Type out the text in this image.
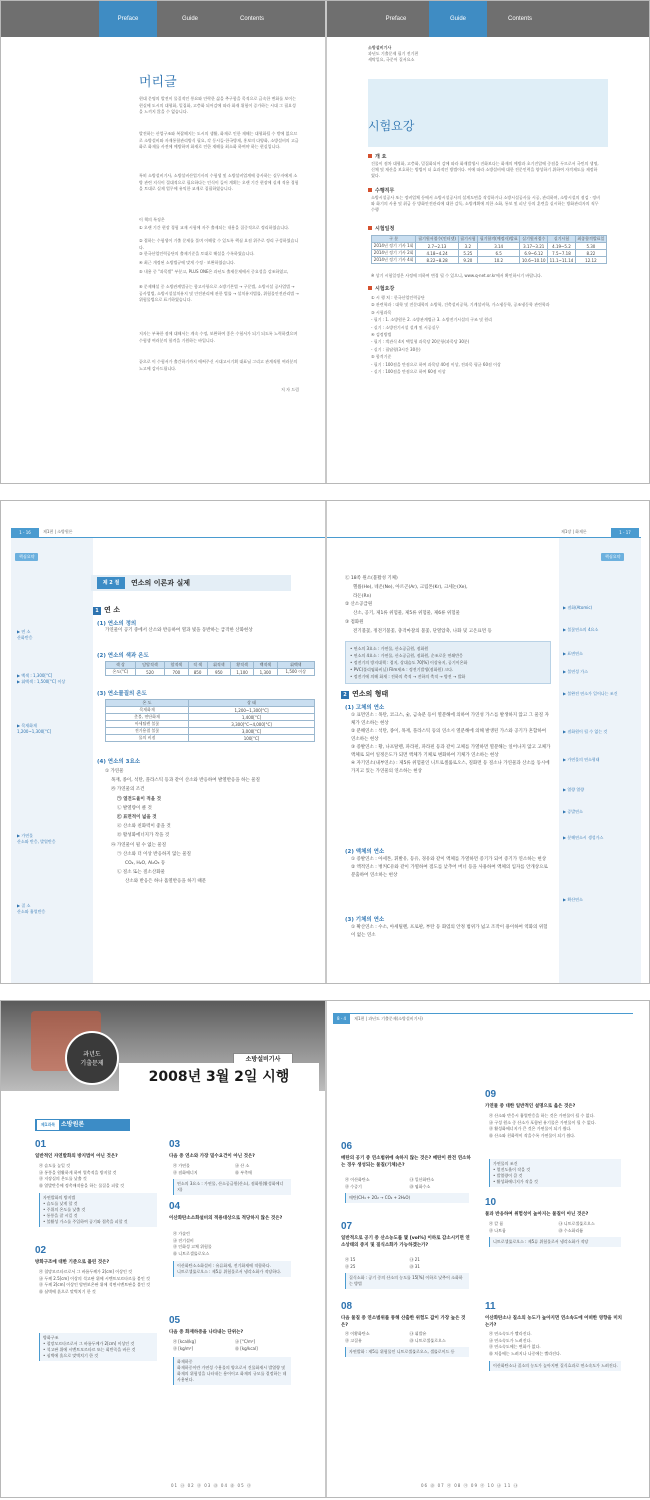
Preface	Guide	Contents	Preface	Guide	Contents
머리글
현대 문명의 발전이 물질적인 풍요와 안락한 삶을 추구함을 목적으로 급속한 변화를 보이는 현실에 도시의 대형화, 밀집화, 고층화 되어감에 따라 화재 위험이 증가하는 시대 그 필요성을 느끼지 않을 수 없습니다.
발전하는 산업구조와 복잡해지는 도시의 생활, 화재로 인한 재해는 대형화될 수 밖에 없으므로 소방설비와 자재통합관리방식 필요, 각 동시들-한국방재, 홍보의 다양화, 소방설비의 고급화로 화재를 사전에 예방하며 화재로 인한 재해를 최소화 하여야 하는 현실입니다.
특히 소방설비기사, 소방설비산업기사의 수험생 및 소방설비업계에 종사하는 실무자에게 소방 관련 지식이 절대적으로 필요하다는 인식이 들어 계획는 오랜 기간 현장에 실제 적용 경험을 토대로 실제 업무에 유익한 교재로 집필하였습니다.
이 책의 특징은
① 오랜 기간 현장 경험 교재 시험에 자주 출제되는 내용을 집중적으로 정리하였습니다.
② 접하는 수험생이 기출 문제를 풀며 이해할 수 있도록 핵심 요점 위주로 정리 구성하였습니다.
③ 한국산업인력공단의 출제기준을 토대로 해설을 수록하였습니다.
④ 최근 개정된 소방법규에 맞게 수정 · 보완하였습니다.
⑤ 내용 중 "과목별" 부분고, PLUS ONE은 과년도 출제문제에서 중요성을 강조하였고,
⑥ 문제해설 중 소방관계법규는 함고사항으로 소방기본법 → 구문법, 소방시설 공사업법 → 공사업법, 소방시설설치유지 및 안전관리에 관한 법률 → 설치유지법률, 위험물안전관리법 → 위험물법으로 표기하였습니다.
저자는 부족한 점에 대해서는 계속 수정, 보완하여 좋은 수험서가 되기 되도록 노력하겠으며 수험생 여러분의 합격을 기원하는 바입니다.
끝으로 이 수험서가 출간하기까지 애써주신 시대고시기획 대표님 그리고 관계직원 여러분의 노고에 감사드립니다.
저 자 드림
소방설비기사
과년도 기출문제 필기 전기편
세탁일요, 국문어 질서요소
시험요강
개 요
건물이 점차 대형화, 고층화, 밀집화되어 감에 따라 화재발생시 진화보다는 화재의 예방과 초기진압에 중점을 두므로서 국민의 생명, 신체 및 재산을 보호하는 방법이 더 효과적인 방법이다. 이에 따라 소방설비에 대한 전문인력을 양성하기 위하여 자격제도를 제정하였다.
수행직무
소방시설공사 또는 정비업체 등에서 소방시설공사의 설계도면을 작성하거나 소방시설공사를 시공, 관리하며, 소방시설의 점검 · 정비와 화기의 사용 및 취급 등 방화안전관리에 대한 감독, 소방계획에 의한 소화, 통보 및 피난 등의 훈련을 실시하는 방화관리자의 직무수행
시험일정
구 분	필기원서접수(인터넷)	필기시험	필기합격(예정자)발표	실기원서접수	실기시험	최종합격발표일
2014년 정기 기사 1회	2.7~2.13	3.2	3.14	3.17~3.21	4.19~5.2	5.30
2014년 정기 기사 2회	4.18~4.24	5.25	6.5	6.9~6.12	7.5~7.18	8.22
2014년 정기 기사 4회	8.22~8.28	9.20	10.2	10.6~10.10	11.1~11.14	12.12
※ 상기 시험일정은 사정에 의하여 변경 될 수 있으니, www.q-net.or.kr에서 확인하시기 바랍니다.
시험요강
① 시 행 처 : 한국산업인력공단
② 관련학과 : 대학 및 전문대학의 소방학, 건축설비공학, 기계설비학, 가스냉동학, 공조냉동학 관련학과
③ 시험과목
- 필기 : 1. 소방원론 2. 소방관계법규 3. 소방전기시설의 구조 및 원리
- 실기 : 소방전기시설 설계 및 시공실무
④ 검정방법
- 필기 : 객관식 4지 택일형 과목당 20문항(과목당 30분)
- 실기 : 필답형(3시간 30분)
⑤ 합격기준
- 필기 : 100점을 만점으로 하여 과목당 40점 이상, 전과목 평균 60점 이상
- 실기 : 100점을 만점으로 하여 60점 이상
1 - 16	제1편 | 소방원론	1 - 17
제1장 | 화재론
핵심요약
▶ 연 소
산화반응
▶ 백색 : 1,300[°C]
▶ 휘백색 : 1,500[°C] 이상
▶ 목재화재
1,200~1,300[°C]
▶ 가연물
산소와 반응, 발열반응
▶ 질 소
산소와 흡열반응
제 2 절	연소의 이론과 실제
1 연 소
(1) 연소의 정의
가연물이 공기 중에서 산소와 반응하여 열과 빛을 동반하는 급격한 산화현상
(2) 연소의 색과 온도
색 상	담암적색	암적색	적 색	휘적색	황적색	백적색	휘백색
온도(°C)	520	700	850	950	1,100	1,300	1,500 이상
(3) 연소물질의 온도
온 도	상 태
목재화재	1,200~1,300[°C]
촛불, 연단화재	1,400[°C]
아세틸렌 불꽃	3,300[°C~4,000[°C]
전기용접 불꽃	3,000[°C]
물의 비점	100[°C]
(4) 연소의 3요소
① 가연물
목재, 종이, 석탄, 플라스틱 등과 같이 산소와 반응하여 발열반응을 하는 물질
㉮ 가연물의 조건
㉠ 열전도율이 적을 것
㉡ 발열량이 클 것
㉢ 표면적이 넓을 것
㉣ 산소와 친화력이 좋을 것
㉤ 활성화에너지가 작을 것
㉯ 가연물이 될 수 없는 물질
㉠ 산소와 더 이상 반응하지 않는 물질
CO₂, H₂O, Al₂O₃ 등
㉡ 질소 또는 질소산화물
산소와 반응은 하나 흡열반응을 하기 때문
핵심요약
▶ 점화(Atomic)
▶ 불꽃연소의 4요소
▶ 표면연소
▶ 불연성 가스
▶ 불완전 연소가 일어나는 조건
▶ 점화원이 될 수 없는 것
▶ 가연물의 연소형태
▶ 열량 열량
▶ 증발연소
▶ 분해연소시 생성가스
▶ 확산연소
㉢ 18족 원소(불활성 기체)
헬륨(He), 네온(Ne), 아르곤(Ar), 크립톤(Kr), 크세논(Xe),
라돈(Rn)
② 산소공급원
산소, 공기, 제1류 위험물, 제5류 위험물, 제6류 위험물
③ 점화원
전기불꽃, 정전기불꽃, 충격마찰의 불꽃, 단열압축, 나화 및 고온표면 등
• 연소의 3요소 : 가연물, 산소공급원, 점화원
• 연소의 4요소 : 가연물, 산소공급원, 점화원, 순조로운 연쇄반응
• 정전기의 방지대책 : 접지, 상대습도 70[%] 이상유지, 공기이온화
• PVC(폴리염화비닐) Film제조 : 정전기발생(점화원) 크다.
• 정전기에 의해 화재 : 전하의 축적 → 전하의 축적 → 방전 → 발화
2 연소의 형태
(1) 고체의 연소
① 표면연소 : 목탄, 코크스, 숯, 금속분 등이 열분해에 의하여 가연성 가스를 발생하지 않고 그 물질 자체가 연소하는 현상
② 분해연소 : 석탄, 종이, 목재, 플라스틱 등의 연소시 열분해에 의해 발생된 가스와 공기가 혼합하여 연소하는 현상
③ 증발연소 : 황, 나프탈렌, 파라핀, 파라핀 등과 같이 고체를 가열하면 열분해는 일어나지 않고 고체가 액체로 되어 일정온도가 되면 액체가 기체로 변화하여 기체가 연소하는 현상
④ 자기연소(내부연소) : 제5류 위험물인 니트로셀룰로오스, 질화면 등 질소나 가연물과 산소를 동시에 가지고 있는 가연물의 연소하는 현상
(2) 액체의 연소
① 증발연소 : 아세톤, 휘발유, 등유, 경유와 같이 액체를 가열하면 증기가 되어 증기가 연소하는 현상
② 액적연소 : 벙커C유와 같이 가열하여 점도를 낮추어 버너 등을 사용하여 액체의 입자를 안개상으로 분출하여 연소하는 현상
(3) 기체의 연소
① 확산연소 : 수소, 아세틸렌, 프로판, 부탄 등 화염의 안정 범위가 넓고 조작이 용이하여 역화의 위험이 없는 연소
과년도
기출문제
소방설비기사
2008년 3월 2일 시행
제1과목 소방원론
01
일반적인 자연발화의 방지법이 아닌 것은?
㉮ 습도를 높일 것
㉯ 통풍을 원활하게 하여 열축적을 방지할 것
㉰ 저장실의 온도를 낮출 것
㉱ 열발반응에 정촉매작용을 하는 물질을 피할 것
자연발화의 방지법
• 습도를 낮게 할 것
• 주위의 온도를 낮출 것
• 통풍을 잘 시킬 것
• 불활성 가스를 주입하여 공기와 접촉을 피할 것
02
방화구조에 대한 기준으로 틀린 것은?
㉮ 철망모르타르로서 그 바름두께가 2[cm] 이상인 것
㉯ 두께 2.5[cm] 이상의 석고판 위에 시멘트모르타르를 붙인 것
㉰ 두께 2[cm] 이상인 암면보온판 위에 석면시멘트판을 붙인 것
㉱ 심벽에 흙으로 맞벽치기 한 것
방화구조
• 철망모르타르로서 그 바름두께가 2[cm] 이상인 것
• 석고판 위에 시멘트모르타르 또는 회반죽을 바른 것
• 심벽에 흙으로 맞벽치기 한 것
03
다음 중 연소와 가장 밀수요건이 아닌 것은?
㉮ 가연물
㉰ 점화에너지
㉯ 산 소
㉱ 부촉매
연소의 3요소 : 가연물, 산소공급원(산소), 점화원(활성화에너지)
04
이산화탄소소화설비의 적용대상으로 적당하지 않은 것은?
㉮ 가솔린
㉯ 전기설비
㉰ 인화성 고체 위험물
㉱ 니트로셀룰로오스
이산화탄소소화설비 : 유류화재, 전기화재에 적합하다.
니트로셀룰로오스 : 제5류 위험물로서 냉각소화가 적당하다.
05
다음 중 화재하중을 나타내는 단위는?
㉮ [kcal/kg]
㉰ [kg/m²]
㉯ [°C/m²]
㉱ [kg/kcal]
화재하중
화재하중이란 가연성 수용물의 양으로서 건물화재시 발열량 및 화재의 위험성을 나타내는 용어이고 화재의 규모를 결정하는 데 사용된다.
01 ㉯ 02 ㉰ 03 ㉱ 04 ㉱ 05 ㉰
8 - 4 제1편 | 과년도 기출문제(소방설비기사)
06
메탄의 공기 중 연소범위에 속하지 않는 것은? 메탄이 완전 연소하는 경우 생성되는 물질(기체)은?
㉮ 이산화탄소
㉰ 수증기
㉯ 일산화탄소
㉱ 염화수소
메탄(CH₄ + 2O₂ → CO₂ + 2H₂O)
07
일반적으로 공기 중 산소농도를 몇 [vol%] 이하로 감소시키면 연소상태의 중지 및 질식소화가 가능하겠는가?
㉮ 15
㉰ 25
㉯ 21
㉱ 31
질식소화 : 공기 중의 산소의 농도를 15[%] 이하로 낮추어 소화하는 방법
08
다음 물질 중 연소범위를 통해 산출한 위험도 값이 가장 높은 것은?
㉮ 이황화탄소
㉰ 고질유
㉯ 휘발유
㉱ 니트로셀룰로오스
자연발화 : 제5류 위험물인 니트로셀룰로오스, 셀룰로이드 등
09
가연물 중 대한 일반적인 설명으로 옳은 것은?
㉮ 산소와 반응시 흡열반응을 하는 것은 가연물이 될 수 없다.
㉯ 구성 원소 중 산소가 포함된 유기물은 가연물이 될 수 없다.
㉰ 활성화에너지가 큰 것은 가연물이 되기 쉽다.
㉱ 산소와 친화력이 작을수록 가연물이 되기 쉽다.
가연물의 조건
• 열전도율이 작을 것
• 발열량이 클 것
• 활성화에너지가 작을 것
10
물과 반응하여 위험성이 높아지는 물질이 아닌 것은?
㉮ 칼 륨
㉰ 나트륨
㉯ 니트로셀룰로오스
㉱ 수소화리튬
니트로셀룰로오스 : 제5류 위험물로서 냉각소화가 적당
11
이산화탄소나 질소의 농도가 높아지면 연소속도에 어떠한 영향을 미치는가?
㉮ 연소속도가 빨라진다.
㉯ 연소속도가 느려진다.
㉰ 연소속도에는 변화가 없다.
㉱ 처음에는 느려지나 나중에는 빨라진다.
이산화탄소나 질소의 농도가 높아지면 질식효과로 연소속도가 느려진다.
06 ㉱ 07 ㉮ 08 ㉮ 09 ㉮ 10 ㉯ 11 ㉯
